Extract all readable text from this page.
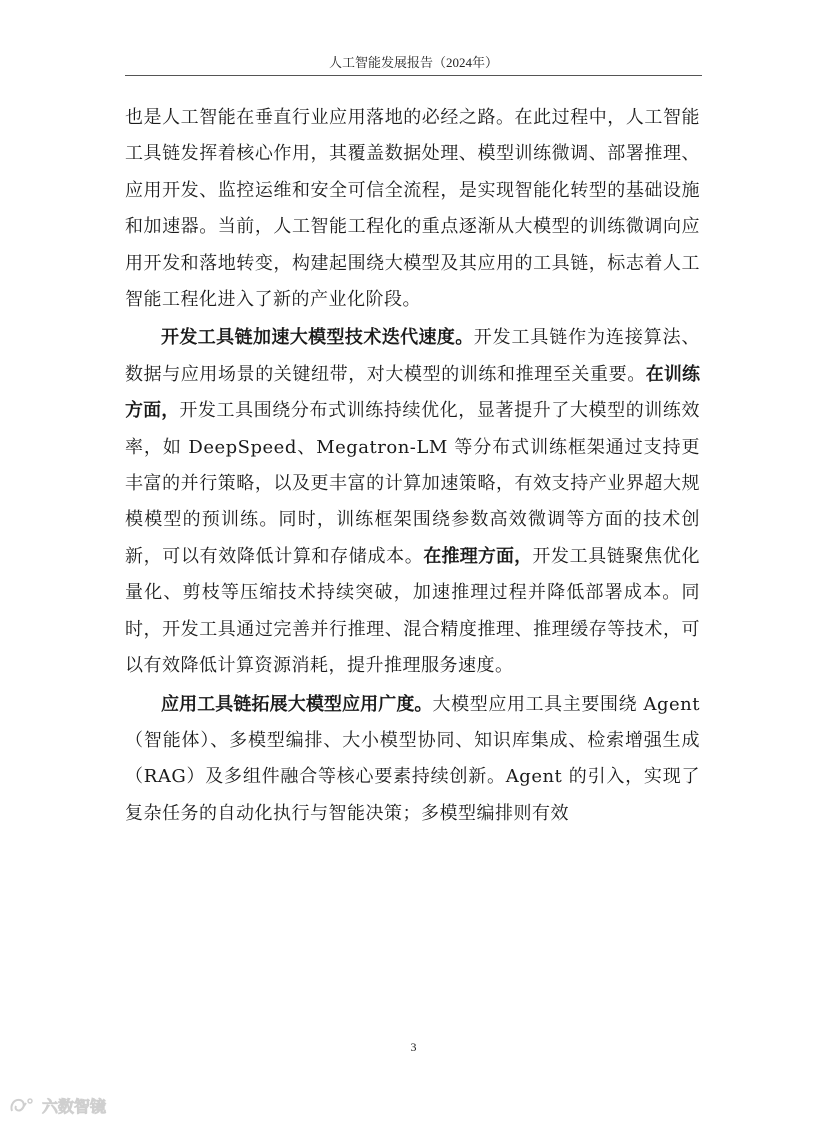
人工智能发展报告（2024年）

也是人工智能在垂直行业应用落地的必经之路。在此过程中，人工智能工具链发挥着核心作用，其覆盖数据处理、模型训练微调、部署推理、应用开发、监控运维和安全可信全流程，是实现智能化转型的基础设施和加速器。当前，人工智能工程化的重点逐渐从大模型的训练微调向应用开发和落地转变，构建起围绕大模型及其应用的工具链，标志着人工智能工程化进入了新的产业化阶段。

开发工具链加速大模型技术迭代速度。开发工具链作为连接算法、数据与应用场景的关键纽带，对大模型的训练和推理至关重要。在训练方面，开发工具围绕分布式训练持续优化，显著提升了大模型的训练效率，如 DeepSpeed、Megatron-LM 等分布式训练框架通过支持更丰富的并行策略，以及更丰富的计算加速策略，有效支持产业界超大规模模型的预训练。同时，训练框架围绕参数高效微调等方面的技术创新，可以有效降低计算和存储成本。在推理方面，开发工具链聚焦优化量化、剪枝等压缩技术持续突破，加速推理过程并降低部署成本。同时，开发工具通过完善并行推理、混合精度推理、推理缓存等技术，可以有效降低计算资源消耗，提升推理服务速度。

应用工具链拓展大模型应用广度。大模型应用工具主要围绕 Agent（智能体）、多模型编排、大小模型协同、知识库集成、检索增强生成（RAG）及多组件融合等核心要素持续创新。Agent 的引入，实现了复杂任务的自动化执行与智能决策；多模型编排则有效

3
六数智镜
